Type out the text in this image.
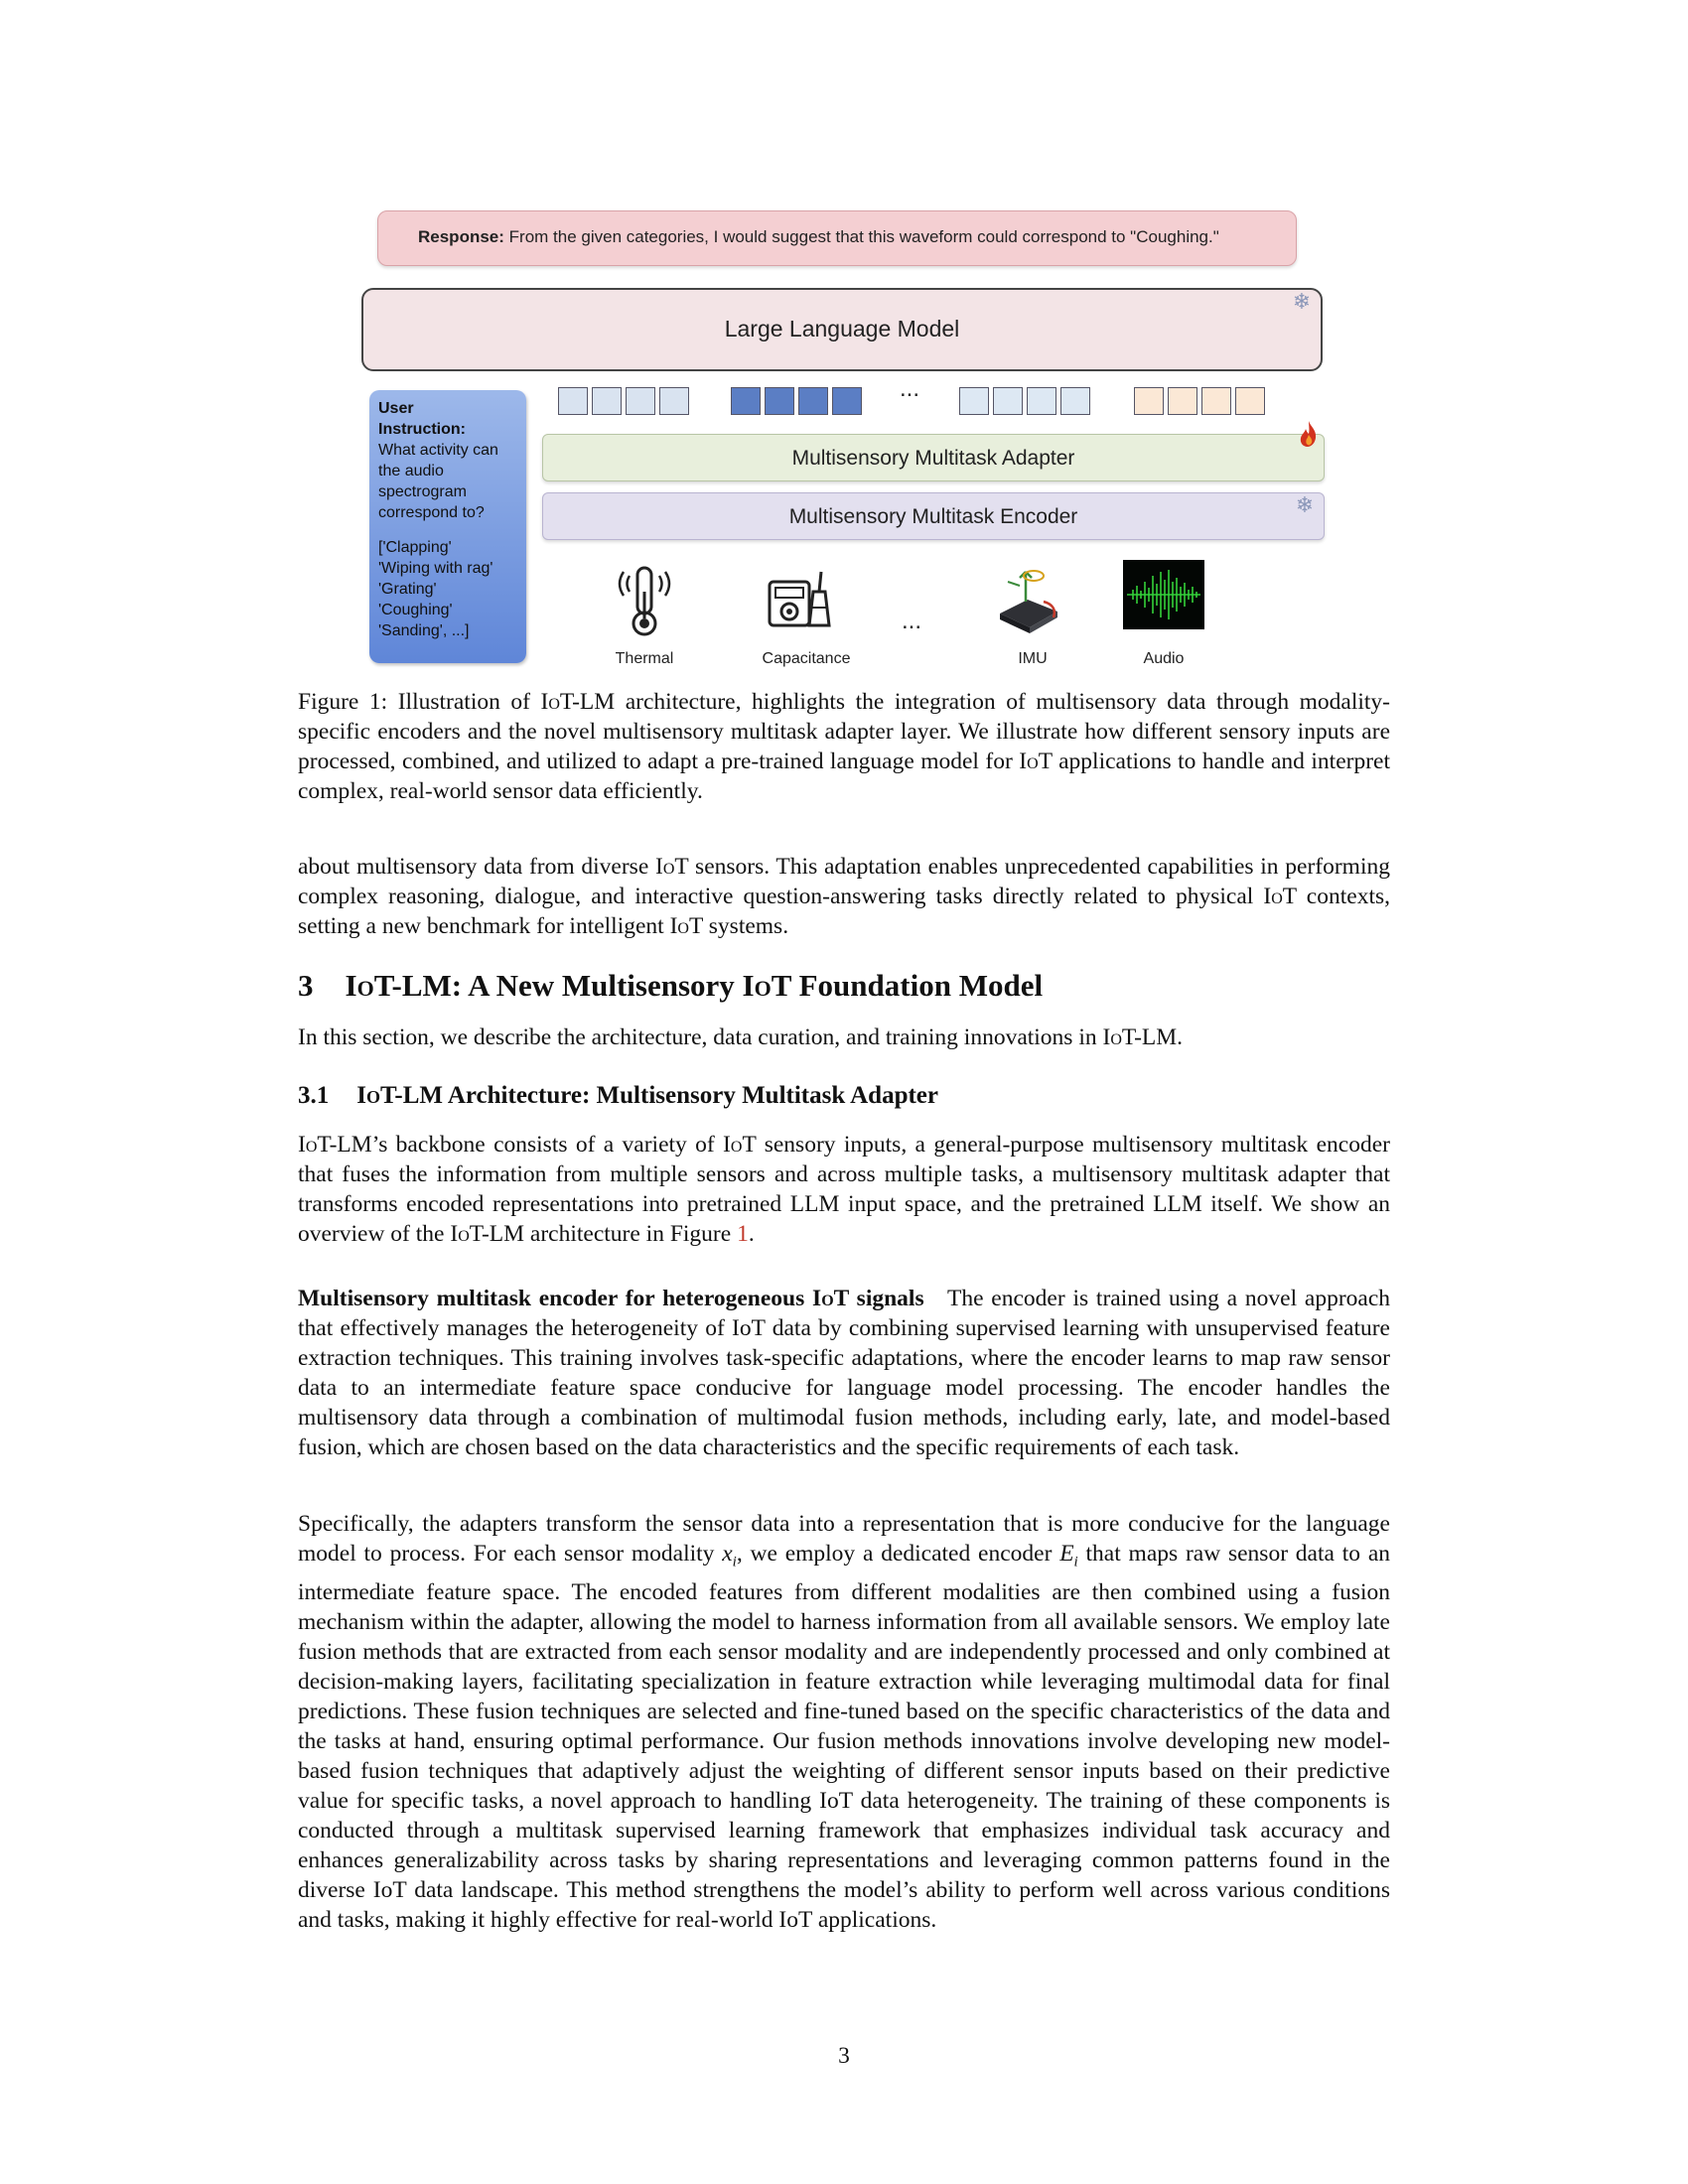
Response: From the given categories, I would suggest that this waveform could correspond to "Coughing."
Large Language Model
❄
User
Instruction:
What activity can
the audio
spectrogram
correspond to?
['Clapping'
'Wiping with rag'
'Grating'
'Coughing'
'Sanding', ...]
...
Multisensory Multitask Adapter
Multisensory Multitask Encoder	❄
...
Thermal	Capacitance	IMU	Audio
Figure 1: Illustration of IoT-LM architecture, highlights the integration of multisensory data through modality-specific encoders and the novel multisensory multitask adapter layer. We illustrate how different sensory inputs are processed, combined, and utilized to adapt a pre-trained language model for IoT applications to handle and interpret complex, real-world sensor data efficiently.
about multisensory data from diverse IoT sensors. This adaptation enables unprecedented capabilities in performing complex reasoning, dialogue, and interactive question-answering tasks directly related to physical IoT contexts, setting a new benchmark for intelligent IoT systems.
3 IoT-LM: A New Multisensory IoT Foundation Model
In this section, we describe the architecture, data curation, and training innovations in IoT-LM.
3.1 IoT-LM Architecture: Multisensory Multitask Adapter
IoT-LM’s backbone consists of a variety of IoT sensory inputs, a general-purpose multisensory multitask encoder that fuses the information from multiple sensors and across multiple tasks, a multisensory multitask adapter that transforms encoded representations into pretrained LLM input space, and the pretrained LLM itself. We show an overview of the IoT-LM architecture in Figure 1.
Multisensory multitask encoder for heterogeneous IoT signals The encoder is trained using a novel approach that effectively manages the heterogeneity of IoT data by combining supervised learning with unsupervised feature extraction techniques. This training involves task-specific adaptations, where the encoder learns to map raw sensor data to an intermediate feature space conducive for language model processing. The encoder handles the multisensory data through a combination of multimodal fusion methods, including early, late, and model-based fusion, which are chosen based on the data characteristics and the specific requirements of each task.
Specifically, the adapters transform the sensor data into a representation that is more conducive for the language model to process. For each sensor modality $x_i$, we employ a dedicated encoder $E_i$ that maps raw sensor data to an intermediate feature space. The encoded features from different modalities are then combined using a fusion mechanism within the adapter, allowing the model to harness information from all available sensors. We employ late fusion methods that are extracted from each sensor modality and are independently processed and only combined at decision-making layers, facilitating specialization in feature extraction while leveraging multimodal data for final predictions. These fusion techniques are selected and fine-tuned based on the specific characteristics of the data and the tasks at hand, ensuring optimal performance. Our fusion methods innovations involve developing new model-based fusion techniques that adaptively adjust the weighting of different sensor inputs based on their predictive value for specific tasks, a novel approach to handling IoT data heterogeneity. The training of these components is conducted through a multitask supervised learning framework that emphasizes individual task accuracy and enhances generalizability across tasks by sharing representations and leveraging common patterns found in the diverse IoT data landscape. This method strengthens the model’s ability to perform well across various conditions and tasks, making it highly effective for real-world IoT applications.
3
